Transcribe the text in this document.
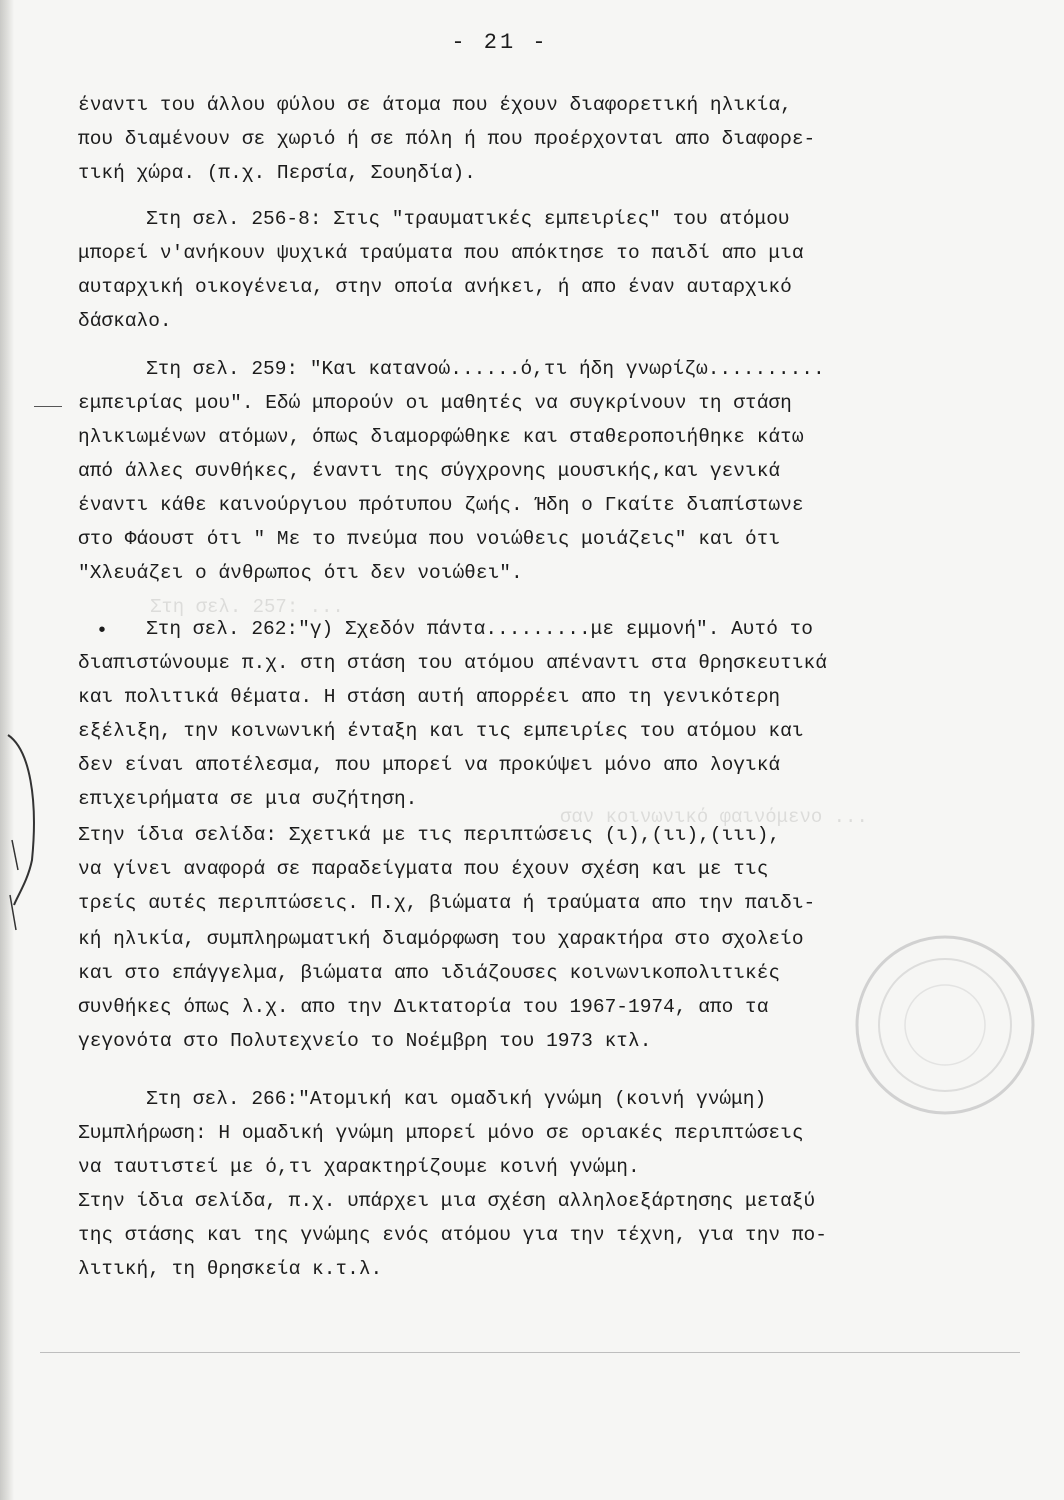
- 21 -
Στη σελ. 257: ...
σαν κοινωνικό φαινόμενο ...
έναντι του άλλου φύλου σε άτομα που έχουν διαφορετική ηλικία,
που διαμένουν σε χωριό ή σε πόλη ή που προέρχονται απο διαφορε-
τική χώρα. (π.χ. Περσία, Σουηδία).
Στη σελ. 256-8: Στις "τραυματικές εμπειρίες" του ατόμου
μπορεί ν'ανήκουν ψυχικά τραύματα που απόκτησε το παιδί απο μια
αυταρχική οικογένεια, στην οποία ανήκει, ή απο έναν αυταρχικό
δάσκαλο.
Στη σελ. 259: "Και καταvoώ......ό,τι ήδη γνωρίζω..........
εμπειρίας μου". Εδώ μπορούν οι μαθητές να συγκρίνουν τη στάση
ηλικιωμένων ατόμων, όπως διαμορφώθηκε και σταθεροποιήθηκε κάτω
από άλλες συνθήκες, έναντι της σύγχρονης μουσικής,και γενικά
έναντι κάθε καινούργιου πρότυπου ζωής. Ήδη ο Γκαίτε διαπίστωνε
στο Φάουστ ότι " Με το πνεύμα που νοιώθεις μοιάζεις" και ότι
"Χλευάζει ο άνθρωπος ότι δεν νοιώθει".
• Στη σελ. 262:"γ) Σχεδόν πάντα.........με εμμονή". Αυτό το
διαπιστώνουμε π.χ. στη στάση του ατόμου απέναντι στα θρησκευτικά
και πολιτικά θέματα. Η στάση αυτή απορρέει απο τη γενικότερη
εξέλιξη, την κοινωνική ένταξη και τις εμπειρίες του ατόμου και
δεν είναι αποτέλεσμα, που μπορεί να προκύψει μόνο απο λογικά
επιχειρήματα σε μια συζήτηση.
Στην ίδια σελίδα: Σχετικά με τις περιπτώσεις (ι),(ιι),(ιιι),
να γίνει αναφορά σε παραδείγματα που έχουν σχέση και με τις
τρείς αυτές περιπτώσεις. Π.χ, βιώματα ή τραύματα απο την παιδι-
κή ηλικία, συμπληρωματική διαμόρφωση του χαρακτήρα στο σχολείο
και στο επάγγελμα, βιώματα απο ιδιάζουσες κοινωνικοπολιτικές
συνθήκες όπως λ.χ. απο την Δικτατορία του 1967-1974, απο τα
γεγονότα στο Πολυτεχνείο το Νοέμβρη του 1973 κτλ.
Στη σελ. 266:"Ατομική και ομαδική γνώμη (κοινή γνώμη)
Συμπλήρωση: Η ομαδική γνώμη μπορεί μόνο σε οριακές περιπτώσεις
να ταυτιστεί με ό,τι χαρακτηρίζουμε κοινή γνώμη.
Στην ίδια σελίδα, π.χ. υπάρχει μια σχέση αλληλοεξάρτησης μεταξύ
της στάσης και της γνώμης ενός ατόμου για την τέχνη, για την πο-
λιτική, τη θρησκεία κ.τ.λ.
